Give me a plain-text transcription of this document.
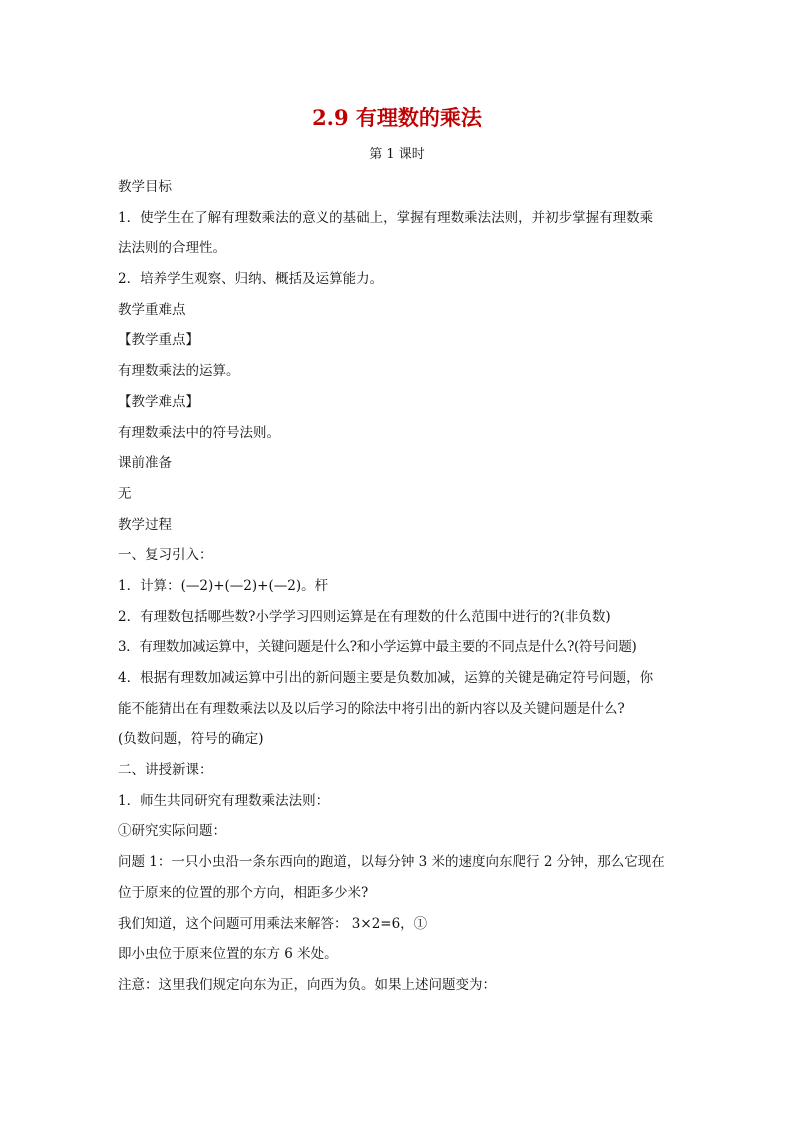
2.9 有理数的乘法
第 1 课时
教学目标
1．使学生在了解有理数乘法的意义的基础上，掌握有理数乘法法则，并初步掌握有理数乘
法法则的合理性。
2．培养学生观察、归纳、概括及运算能力。
教学重难点
【教学重点】
有理数乘法的运算。
【教学难点】
有理数乘法中的符号法则。
课前准备
无
教学过程
一、复习引入：
1．计算：(—2)+(—2)+(—2)。杆
2．有理数包括哪些数?小学学习四则运算是在有理数的什么范围中进行的?(非负数)
3．有理数加减运算中，关键问题是什么?和小学运算中最主要的不同点是什么?(符号问题)
4．根据有理数加减运算中引出的新问题主要是负数加减，运算的关键是确定符号问题，你
能不能猜出在有理数乘法以及以后学习的除法中将引出的新内容以及关键问题是什么?
(负数问题，符号的确定)
二、讲授新课：
1．师生共同研究有理数乘法法则：
①研究实际问题：
问题 1：一只小虫沿一条东西向的跑道，以每分钟 3 米的速度向东爬行 2 分钟，那么它现在
位于原来的位置的那个方向，相距多少米?
我们知道，这个问题可用乘法来解答： 3×2=6，①
即小虫位于原来位置的东方 6 米处。
注意：这里我们规定向东为正，向西为负。如果上述问题变为：
